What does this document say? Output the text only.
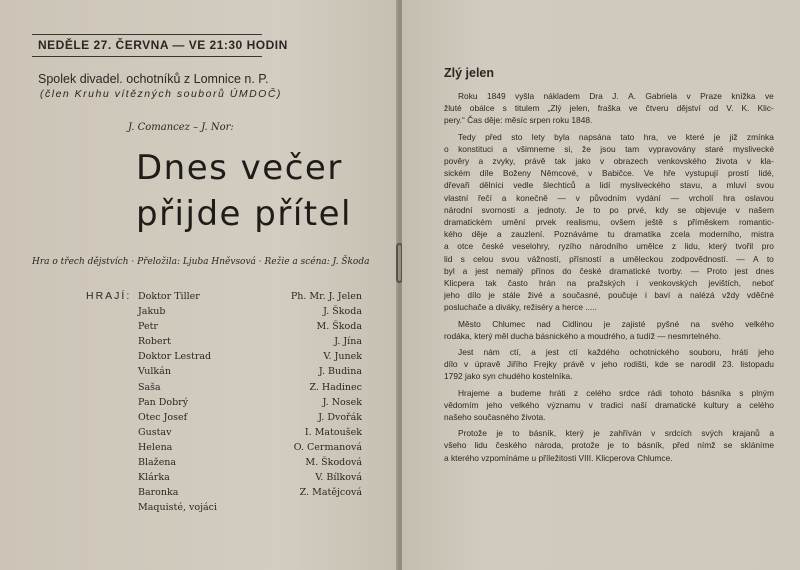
NEDĚLE 27. ČERVNA — VE 21:30 HODIN
Spolek divadel. ochotníků z Lomnice n. P.
(člen Kruhu vítězných souborů ÚMDOČ)
J. Comancez – J. Nor:
Dnes večer
přijde přítel
Hra o třech dějstvích · Přeložila: Ljuba Hněvsová · Režie a scéna: J. Škoda
HRAJÍ: Doktor Tiller	Ph. Mr. J. Jelen
Jakub	J. Škoda
Petr	M. Škoda
Robert	J. Jína
Doktor Lestrad	V. Junek
Vulkán	J. Budina
Saša	Z. Hadinec
Pan Dobrý	J. Nosek
Otec Josef	J. Dvořák
Gustav	I. Matoušek
Helena	O. Cermanová
Blažena	M. Škodová
Klárka	V. Bílková
Baronka	Z. Matějcová
Maquisté, vojáci
Zlý jelen
Roku 1849 vyšla nákladem Dra J. A. Gabriela v Praze knížka ve
žluté obálce s titulem „Zlý jelen, fraška ve čtveru dějství od V. K. Klic-
pery.“ Čas děje: měsíc srpen roku 1848.
Tedy před sto lety byla napsána tato hra, ve které je již zmínka
o konstituci a všimneme si, že jsou tam vypravovány staré myslivecké
pověry a zvyky, právě tak jako v obrazech venkovského života v kla-
sickém díle Boženy Němcové, v Babičce. Ve hře vystupují prostí lidé,
dřevaři dělníci vedle šlechticů a lidí mysliveckého stavu, a mluví svou
vlastní řečí a konečně — v původním vydání — vrcholí hra oslavou
národní svornosti a jednoty. Je to po prvé, kdy se objevuje v našem
dramatickém umění prvek realismu, ovšem ještě s příměskem romantic-
kého děje a zauzlení. Poznáváme tu dramatika zcela moderního, mistra
a otce české veselohry, ryzího národního umělce z lidu, který tvořil pro
lid s celou svou vážností, přísností a uměleckou zodpovědností. — A to
byl a jest nemalý přínos do české dramatické tvorby. — Proto jest dnes
Klicpera tak často hrán na pražských i venkovských jevištích, neboť
jeho dílo je stále živé a současné, poučuje i baví a nalézá vždy vděčné
posluchače a diváky, režiséry a herce .....
Město Chlumec nad Cidlinou je zajisté pyšné na svého velkého
rodáka, který měl ducha básnického a moudrého, a tudíž — nesmrtelného.
Jest nám ctí, a jest ctí každého ochotnického souboru, hráti jeho
dílo v úpravě Jiřího Frejky právě v jeho rodišti, kde se narodil 23. listopadu
1792 jako syn chudého kostelníka.
Hrajeme a budeme hráti z celého srdce rádi tohoto básníka s plným
vědomím jeho velkého významu v tradici naší dramatické kultury a celého
našeho současného života.
Protože je to básník, který je zahříván v srdcích svých krajanů a
všeho lidu českého národa, protože je to básník, před nímž se skláníme
a kterého vzpomínáme u příležitosti VIII. Klicperova Chlumce.
